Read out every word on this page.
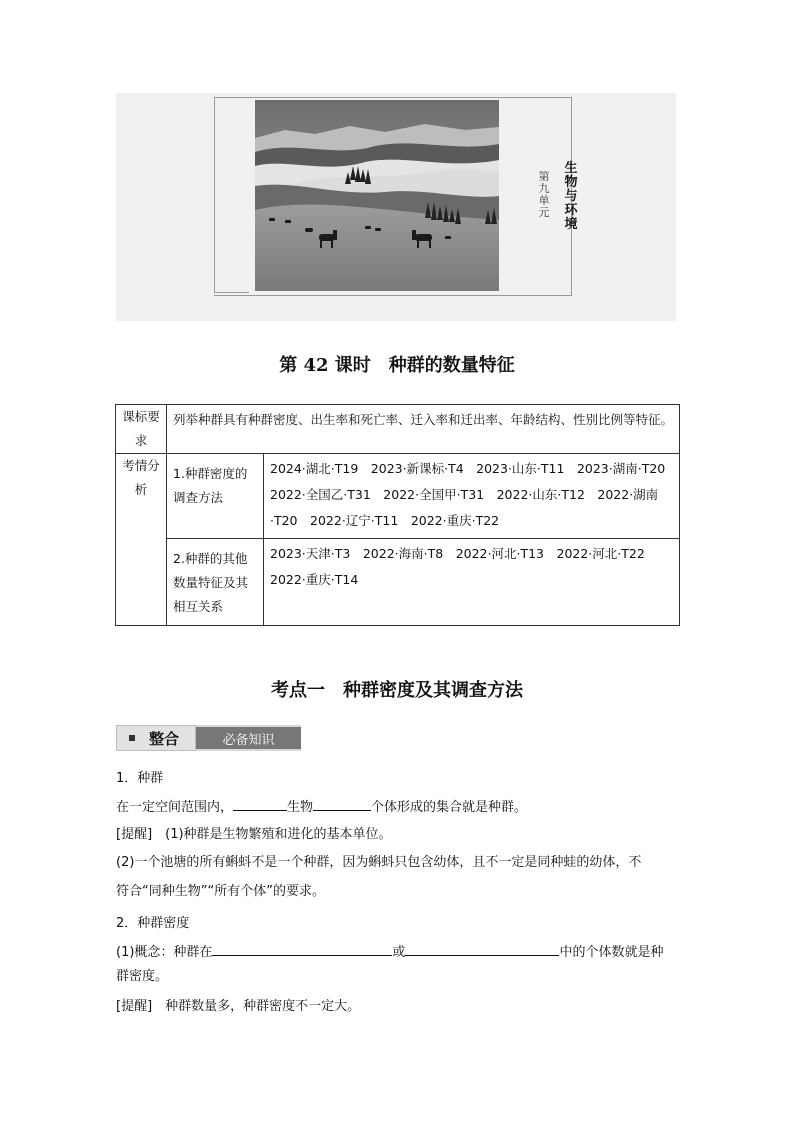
第九单元
生物与环境
第 42 课时　种群的数量特征
课标要求	列举种群具有种群密度、出生率和死亡率、迁入率和迁出率、年龄结构、性别比例等特征。	
考情分析	1.种群密度的调查方法	2024·湖北·T19　2023·新课标·T4　2023·山东·T11　2023·湖南·T20　2022·全国乙·T31　2022·全国甲·T31　2022·山东·T12　2022·湖南·T20　2022·辽宁·T11　2022·重庆·T22
	2.种群的其他数量特征及其相互关系	2023·天津·T3　2022·海南·T8　2022·河北·T13　2022·河北·T22　2022·重庆·T14
考点一　种群密度及其调查方法
整合	必备知识
1．种群
在一定空间范围内，	生物	个体形成的集合就是种群。
[提醒]　(1)种群是生物繁殖和进化的基本单位。
(2)一个池塘的所有蝌蚪不是一个种群，因为蝌蚪只包含幼体，且不一定是同种蛙的幼体，不
符合“同种生物”“所有个体”的要求。
2．种群密度
(1)概念：种群在	或	中的个体数就是种
群密度。
[提醒]　种群数量多，种群密度不一定大。
